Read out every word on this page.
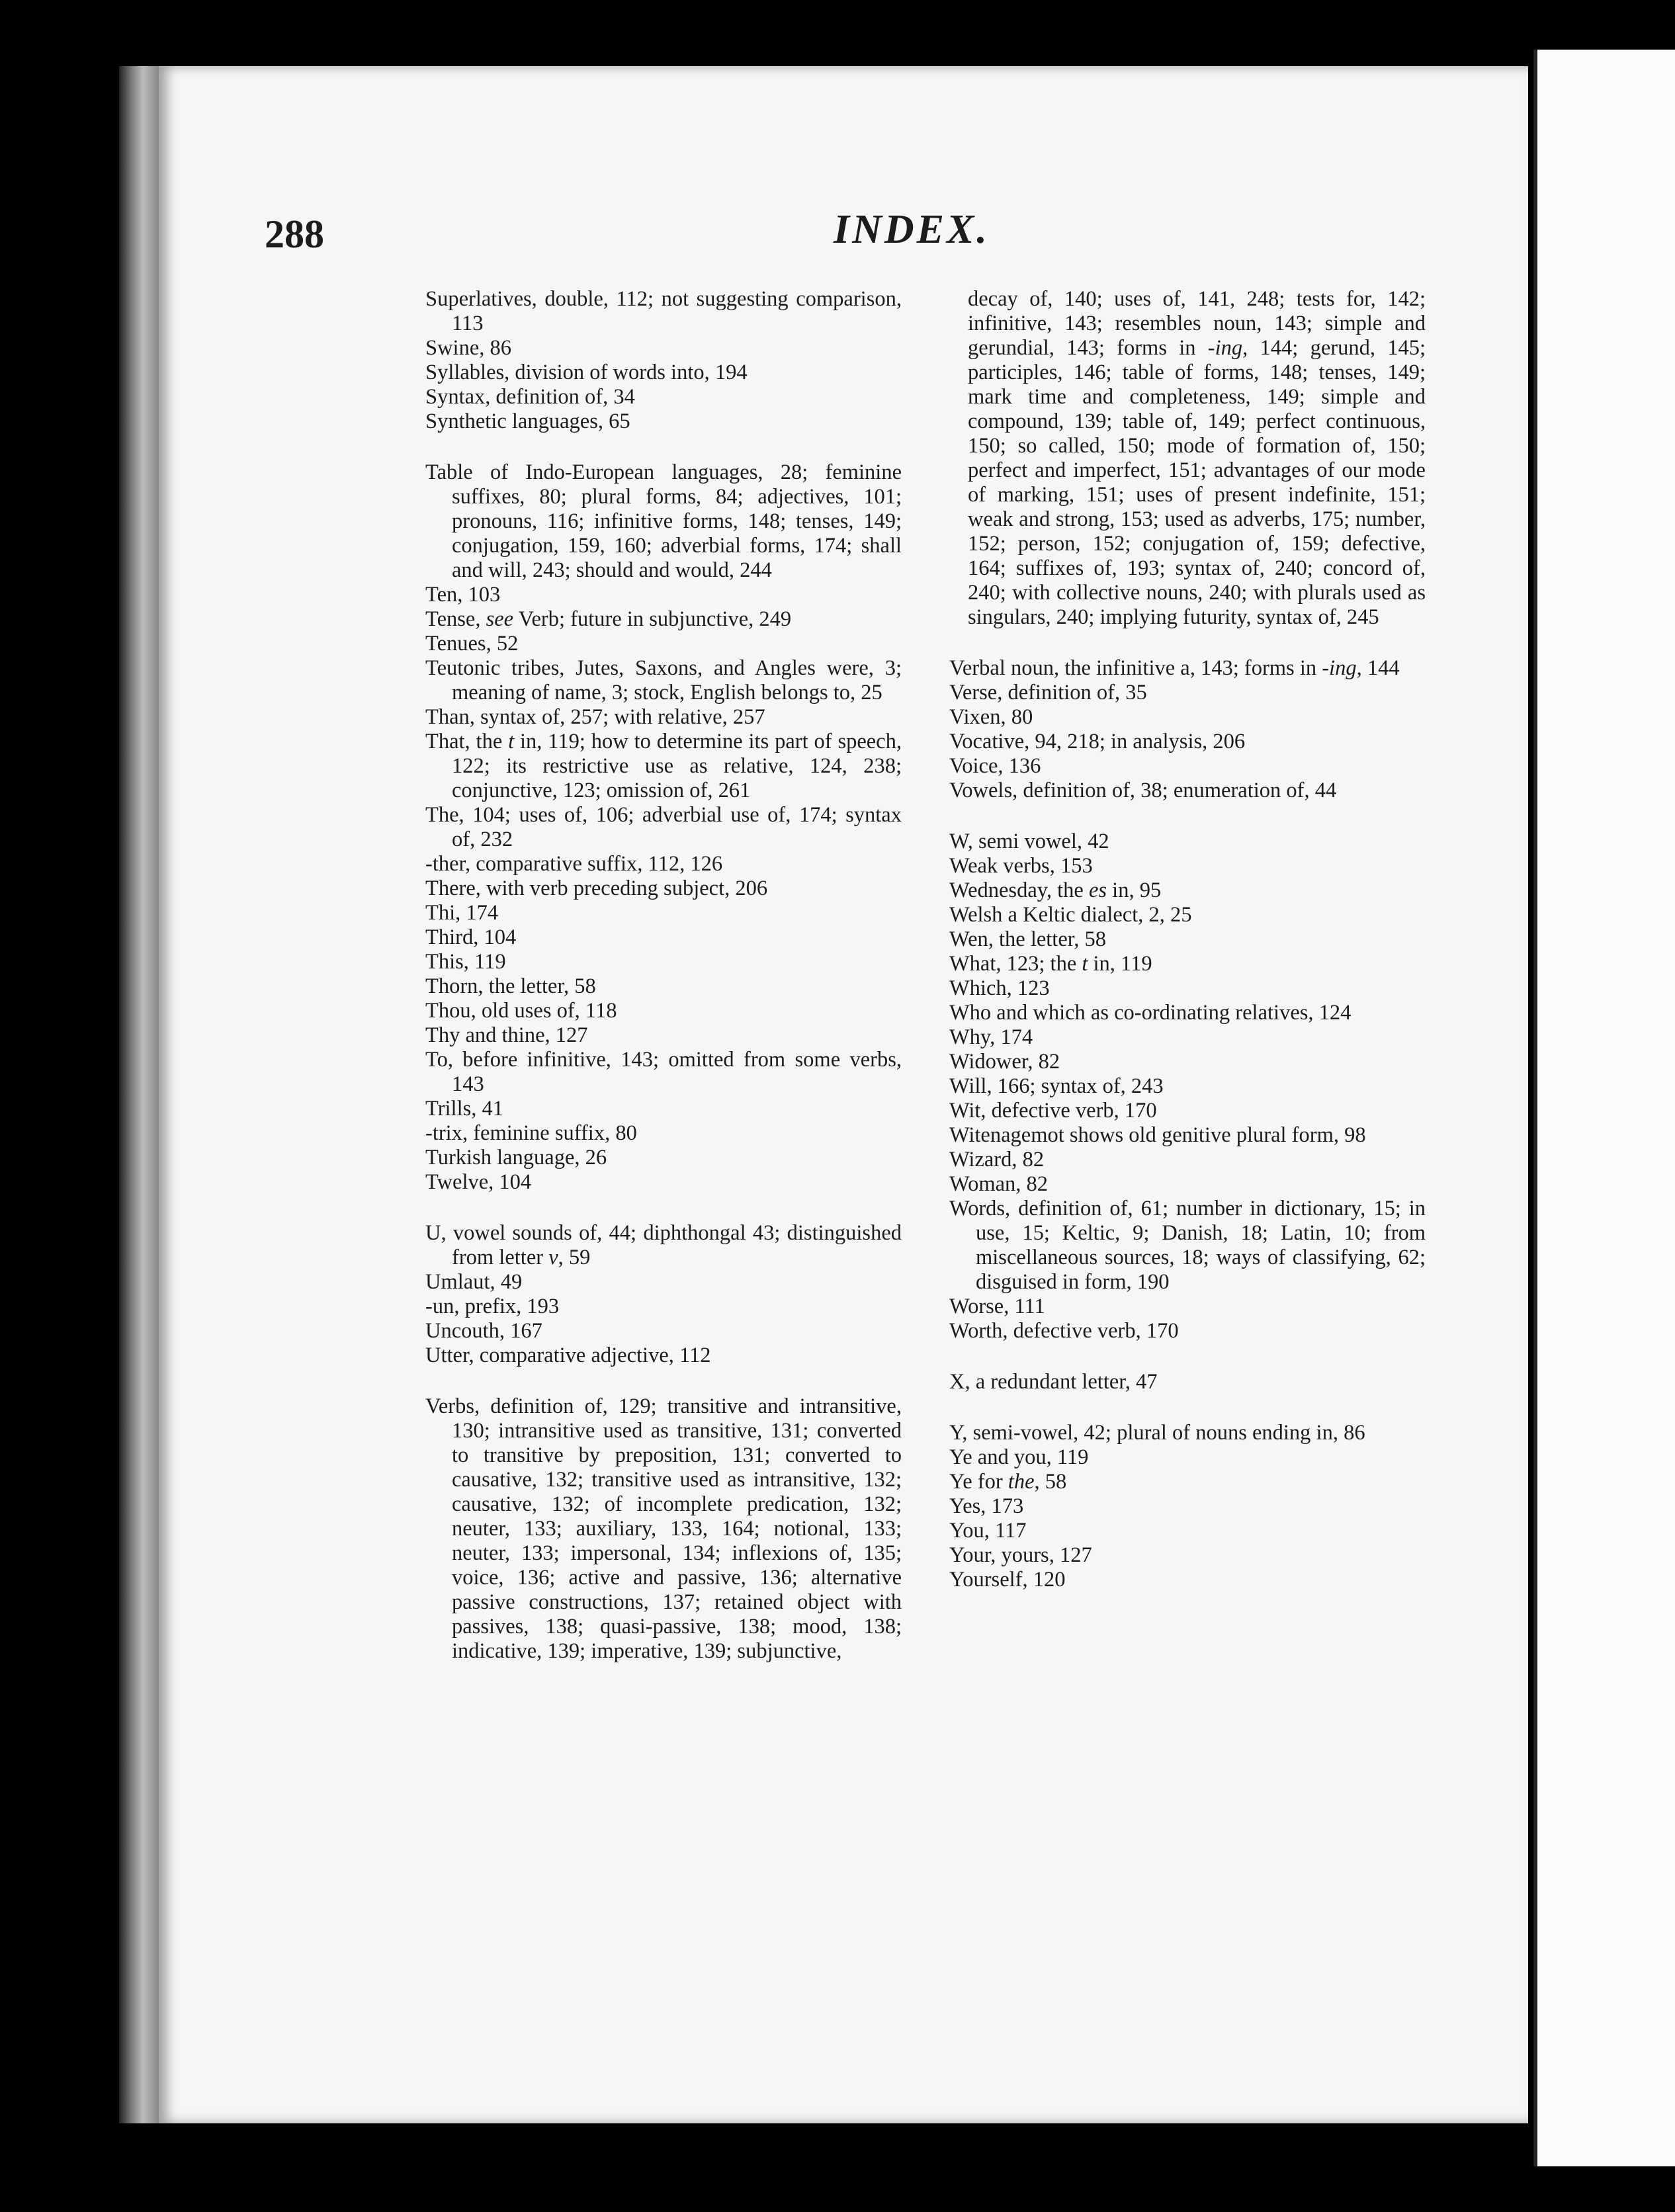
288	INDEX.
Superlatives, double, 112; not suggesting comparison, 113
Swine, 86
Syllables, division of words into, 194
Syntax, definition of, 34
Synthetic languages, 65
Table of Indo-European languages, 28; feminine suffixes, 80; plural forms, 84; adjectives, 101; pronouns, 116; infinitive forms, 148; tenses, 149; conjugation, 159, 160; adverbial forms, 174; shall and will, 243; should and would, 244
Ten, 103
Tense, see Verb; future in subjunctive, 249
Tenues, 52
Teutonic tribes, Jutes, Saxons, and Angles were, 3; meaning of name, 3; stock, English belongs to, 25
Than, syntax of, 257; with relative, 257
That, the t in, 119; how to determine its part of speech, 122; its restrictive use as relative, 124, 238; conjunctive, 123; omission of, 261
The, 104; uses of, 106; adverbial use of, 174; syntax of, 232
-ther, comparative suffix, 112, 126
There, with verb preceding subject, 206
Thi, 174
Third, 104
This, 119
Thorn, the letter, 58
Thou, old uses of, 118
Thy and thine, 127
To, before infinitive, 143; omitted from some verbs, 143
Trills, 41
-trix, feminine suffix, 80
Turkish language, 26
Twelve, 104
U, vowel sounds of, 44; diphthongal 43; distinguished from letter v, 59
Umlaut, 49
-un, prefix, 193
Uncouth, 167
Utter, comparative adjective, 112
Verbs, definition of, 129; transitive and intransitive, 130; intransitive used as transitive, 131; converted to transitive by preposition, 131; converted to causative, 132; transitive used as intransitive, 132; causative, 132; of incomplete predication, 132; neuter, 133; auxiliary, 133, 164; notional, 133; neuter, 133; impersonal, 134; inflexions of, 135; voice, 136; active and passive, 136; alternative passive constructions, 137; retained object with passives, 138; quasi-passive, 138; mood, 138; indicative, 139; imperative, 139; subjunctive,
decay of, 140; uses of, 141, 248; tests for, 142; infinitive, 143; resembles noun, 143; simple and gerundial, 143; forms in -ing, 144; gerund, 145; participles, 146; table of forms, 148; tenses, 149; mark time and completeness, 149; simple and compound, 139; table of, 149; perfect continuous, 150; so called, 150; mode of formation of, 150; perfect and imperfect, 151; advantages of our mode of marking, 151; uses of present indefinite, 151; weak and strong, 153; used as adverbs, 175; number, 152; person, 152; conjugation of, 159; defective, 164; suffixes of, 193; syntax of, 240; concord of, 240; with collective nouns, 240; with plurals used as singulars, 240; implying futurity, syntax of, 245
Verbal noun, the infinitive a, 143; forms in -ing, 144
Verse, definition of, 35
Vixen, 80
Vocative, 94, 218; in analysis, 206
Voice, 136
Vowels, definition of, 38; enumeration of, 44
W, semi vowel, 42
Weak verbs, 153
Wednesday, the es in, 95
Welsh a Keltic dialect, 2, 25
Wen, the letter, 58
What, 123; the t in, 119
Which, 123
Who and which as co-ordinating relatives, 124
Why, 174
Widower, 82
Will, 166; syntax of, 243
Wit, defective verb, 170
Witenagemot shows old genitive plural form, 98
Wizard, 82
Woman, 82
Words, definition of, 61; number in dictionary, 15; in use, 15; Keltic, 9; Danish, 18; Latin, 10; from miscellaneous sources, 18; ways of classifying, 62; disguised in form, 190
Worse, 111
Worth, defective verb, 170
X, a redundant letter, 47
Y, semi-vowel, 42; plural of nouns ending in, 86
Ye and you, 119
Ye for the, 58
Yes, 173
You, 117
Your, yours, 127
Yourself, 120
